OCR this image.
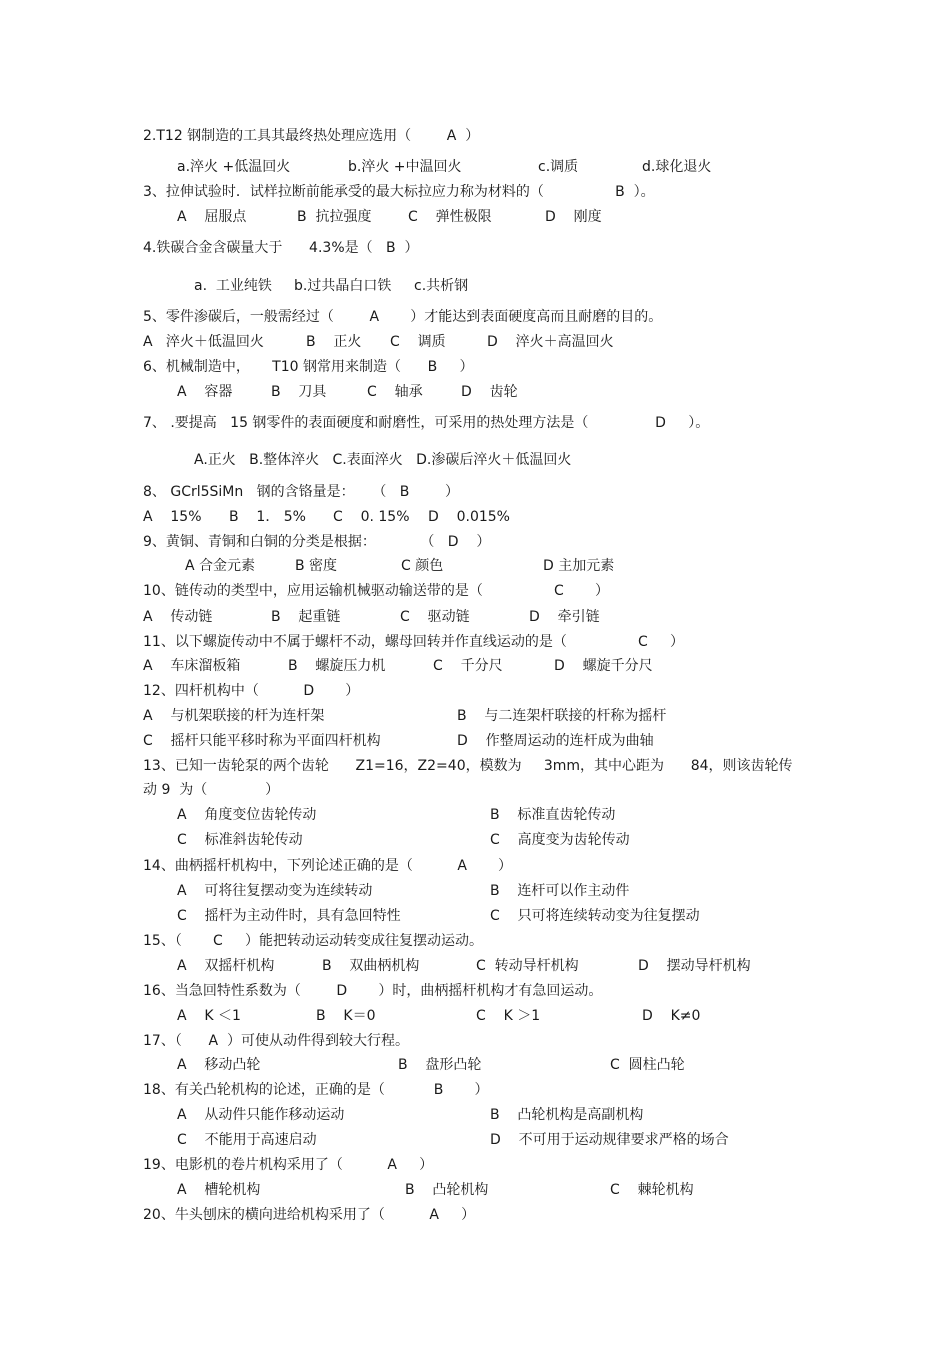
2.T12 钢制造的工具其最终热处理应选用（        A  ）
a.淬火 +低温回火	b.淬火 +中温回火	c.调质	d.球化退火
3、拉伸试验时．试样拉断前能承受的最大标拉应力称为材料的（                B  ）。
A    屈服点	B  抗拉强度	C    弹性极限	D    刚度
4.铁碳合金含碳量大于      4.3%是（   B  ）
a.  工业纯铁 b.过共晶白口铁 c.共析钢
5、零件渗碳后，一般需经过（        A       ）才能达到表面硬度高而且耐磨的目的。
A   淬火＋低温回火	B    正火 C    调质	D    淬火＋高温回火
6、机械制造中，     T10 钢常用来制造（      B     ）
A    容器	B    刀具	C    轴承	D    齿轮
7、 .要提高   15 钢零件的表面硬度和耐磨性，可采用的热处理方法是（               D     ）。
A.正火   B.整体淬火   C.表面淬火   D.渗碳后淬火＋低温回火
8、 GCrl5SiMn   钢的含铬量是：    （   B        ）
A    15% B    1． 5% C    0. 15% D    0.015%
9、黄铜、青铜和白铜的分类是根据：          （   D    ）
A 合金元素	B 密度	C 颜色	D 主加元素
10、链传动的类型中，应用运输机械驱动输送带的是（                C       ）
A    传动链	B    起重链	C    驱动链	D    牵引链
11、以下螺旋传动中不属于螺杆不动，螺母回转并作直线运动的是（                C     ）
A    车床溜板箱	B    螺旋压力机	C    千分尺	D    螺旋千分尺
12、四杆机构中（          D       ）
A    与机架联接的杆为连杆架	B    与二连架杆联接的杆称为摇杆
C    摇杆只能平移时称为平面四杆机构	D    作整周运动的连杆成为曲轴
13、已知一齿轮泵的两个齿轮      Z1=16，Z2=40，模数为     3mm，其中心距为      84，则该齿轮传
动 9  为（             ）
A    角度变位齿轮传动	B    标准直齿轮传动
C    标准斜齿轮传动	C    高度变为齿轮传动
14、曲柄摇杆机构中，下列论述正确的是（          A       ）
A    可将往复摆动变为连续转动	B    连杆可以作主动件
C    摇杆为主动件时，具有急回特性	C    只可将连续转动变为往复摆动
15、（       C     ）能把转动运动转变成往复摆动运动。
A    双摇杆机构	B    双曲柄机构	C  转动导杆机构	D    摆动导杆机构
16、当急回特性系数为（        D       ）时，曲柄摇杆机构才有急回运动。
A    K ＜1	B    K＝0	C    K ＞1	D    K≠0
17、（      A  ）可使从动件得到较大行程。
A    移动凸轮	B    盘形凸轮	C  圆柱凸轮
18、有关凸轮机构的论述，正确的是（           B       ）
A    从动件只能作移动运动	B    凸轮机构是高副机构
C    不能用于高速启动	D    不可用于运动规律要求严格的场合
19、电影机的卷片机构采用了（          A     ）
A    槽轮机构	B    凸轮机构	C    棘轮机构
20、牛头刨床的横向进给机构采用了（          A     ）
